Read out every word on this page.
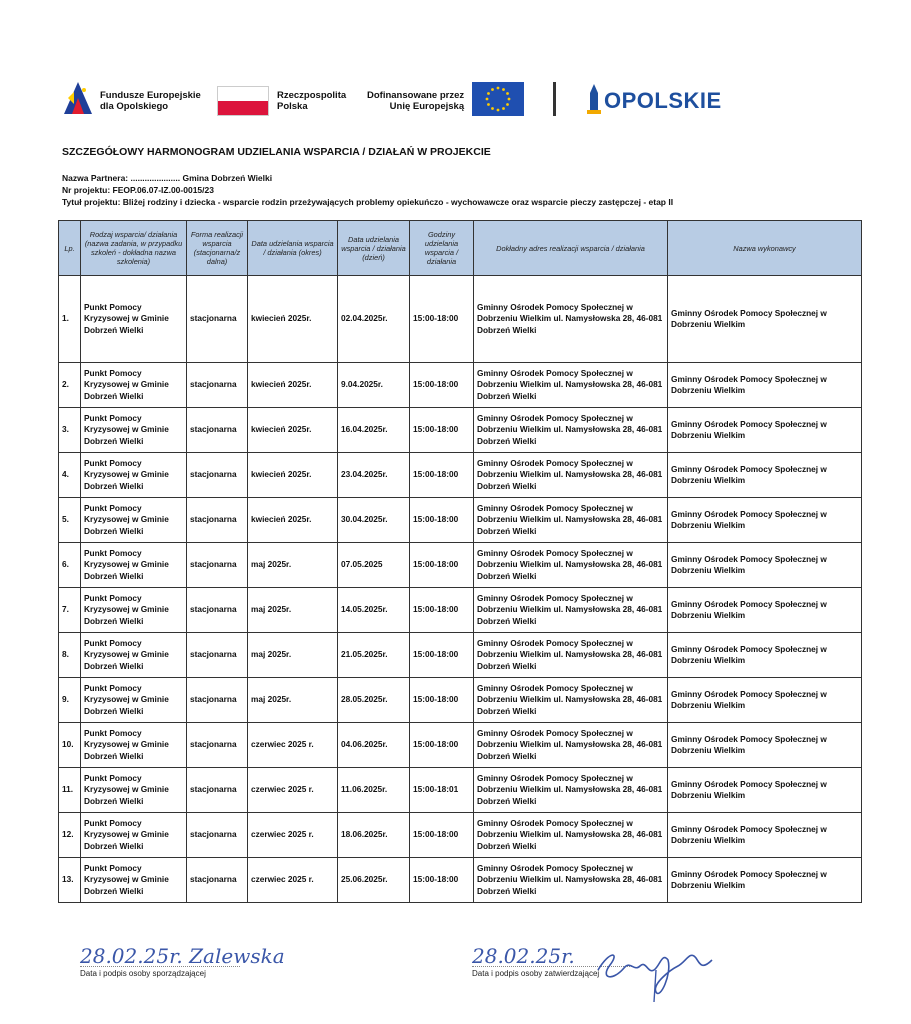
Fundusze Europejskie
dla Opolskiego
Rzeczpospolita
Polska
Dofinansowane przez
Unię Europejską	OPOLSKIE
SZCZEGÓŁOWY HARMONOGRAM UDZIELANIA WSPARCIA / DZIAŁAŃ W PROJEKCIE
Nazwa Partnera: ..................... Gmina Dobrzeń Wielki
Nr projektu: FEOP.06.07-IZ.00-0015/23
Tytuł projektu: Bliżej rodziny i dziecka - wsparcie rodzin przeżywających problemy opiekuńczo - wychowawcze oraz wsparcie pieczy zastępczej - etap II
Lp.	Rodzaj wsparcia/ działania (nazwa zadania, w przypadku szkoleń - dokładna nazwa szkolenia)	Forma realizacji wsparcia (stacjonarna/z dalna)	Data udzielania wsparcia / działania (okres)	Data udzielania wsparcia / działania (dzień)	Godziny udzielania wsparcia / działania	Dokładny adres realizacji wsparcia / działania	Nazwa wykonawcy
1.	Punkt Pomocy Kryzysowej w Gminie Dobrzeń Wielki	stacjonarna	kwiecień 2025r.	02.04.2025r.	15:00-18:00	Gminny Ośrodek Pomocy Społecznej w Dobrzeniu Wielkim ul. Namysłowska 28, 46-081 Dobrzeń Wielki	Gminny Ośrodek Pomocy Społecznej w Dobrzeniu Wielkim
2.	Punkt Pomocy Kryzysowej w Gminie Dobrzeń Wielki	stacjonarna	kwiecień 2025r.	9.04.2025r.	15:00-18:00	Gminny Ośrodek Pomocy Społecznej w Dobrzeniu Wielkim ul. Namysłowska 28, 46-081 Dobrzeń Wielki	Gminny Ośrodek Pomocy Społecznej w Dobrzeniu Wielkim
3.	Punkt Pomocy Kryzysowej w Gminie Dobrzeń Wielki	stacjonarna	kwiecień 2025r.	16.04.2025r.	15:00-18:00	Gminny Ośrodek Pomocy Społecznej w Dobrzeniu Wielkim ul. Namysłowska 28, 46-081 Dobrzeń Wielki	Gminny Ośrodek Pomocy Społecznej w Dobrzeniu Wielkim
4.	Punkt Pomocy Kryzysowej w Gminie Dobrzeń Wielki	stacjonarna	kwiecień 2025r.	23.04.2025r.	15:00-18:00	Gminny Ośrodek Pomocy Społecznej w Dobrzeniu Wielkim ul. Namysłowska 28, 46-081 Dobrzeń Wielki	Gminny Ośrodek Pomocy Społecznej w Dobrzeniu Wielkim
5.	Punkt Pomocy Kryzysowej w Gminie Dobrzeń Wielki	stacjonarna	kwiecień 2025r.	30.04.2025r.	15:00-18:00	Gminny Ośrodek Pomocy Społecznej w Dobrzeniu Wielkim ul. Namysłowska 28, 46-081 Dobrzeń Wielki	Gminny Ośrodek Pomocy Społecznej w Dobrzeniu Wielkim
6.	Punkt Pomocy Kryzysowej w Gminie Dobrzeń Wielki	stacjonarna	maj 2025r.	07.05.2025	15:00-18:00	Gminny Ośrodek Pomocy Społecznej w Dobrzeniu Wielkim ul. Namysłowska 28, 46-081 Dobrzeń Wielki	Gminny Ośrodek Pomocy Społecznej w Dobrzeniu Wielkim
7.	Punkt Pomocy Kryzysowej w Gminie Dobrzeń Wielki	stacjonarna	maj 2025r.	14.05.2025r.	15:00-18:00	Gminny Ośrodek Pomocy Społecznej w Dobrzeniu Wielkim ul. Namysłowska 28, 46-081 Dobrzeń Wielki	Gminny Ośrodek Pomocy Społecznej w Dobrzeniu Wielkim
8.	Punkt Pomocy Kryzysowej w Gminie Dobrzeń Wielki	stacjonarna	maj 2025r.	21.05.2025r.	15:00-18:00	Gminny Ośrodek Pomocy Społecznej w Dobrzeniu Wielkim ul. Namysłowska 28, 46-081 Dobrzeń Wielki	Gminny Ośrodek Pomocy Społecznej w Dobrzeniu Wielkim
9.	Punkt Pomocy Kryzysowej w Gminie Dobrzeń Wielki	stacjonarna	maj 2025r.	28.05.2025r.	15:00-18:00	Gminny Ośrodek Pomocy Społecznej w Dobrzeniu Wielkim ul. Namysłowska 28, 46-081 Dobrzeń Wielki	Gminny Ośrodek Pomocy Społecznej w Dobrzeniu Wielkim
10.	Punkt Pomocy Kryzysowej w Gminie Dobrzeń Wielki	stacjonarna	czerwiec 2025 r.	04.06.2025r.	15:00-18:00	Gminny Ośrodek Pomocy Społecznej w Dobrzeniu Wielkim ul. Namysłowska 28, 46-081 Dobrzeń Wielki	Gminny Ośrodek Pomocy Społecznej w Dobrzeniu Wielkim
11.	Punkt Pomocy Kryzysowej w Gminie Dobrzeń Wielki	stacjonarna	czerwiec 2025 r.	11.06.2025r.	15:00-18:01	Gminny Ośrodek Pomocy Społecznej w Dobrzeniu Wielkim ul. Namysłowska 28, 46-081 Dobrzeń Wielki	Gminny Ośrodek Pomocy Społecznej w Dobrzeniu Wielkim
12.	Punkt Pomocy Kryzysowej w Gminie Dobrzeń Wielki	stacjonarna	czerwiec 2025 r.	18.06.2025r.	15:00-18:00	Gminny Ośrodek Pomocy Społecznej w Dobrzeniu Wielkim ul. Namysłowska 28, 46-081 Dobrzeń Wielki	Gminny Ośrodek Pomocy Społecznej w Dobrzeniu Wielkim
13.	Punkt Pomocy Kryzysowej w Gminie Dobrzeń Wielki	stacjonarna	czerwiec 2025 r.	25.06.2025r.	15:00-18:00	Gminny Ośrodek Pomocy Społecznej w Dobrzeniu Wielkim ul. Namysłowska 28, 46-081 Dobrzeń Wielki	Gminny Ośrodek Pomocy Społecznej w Dobrzeniu Wielkim
28.02.25r. Zalewska
Data i podpis osoby sporządzającej
28.02.25r.
Data i podpis osoby zatwierdzającej
